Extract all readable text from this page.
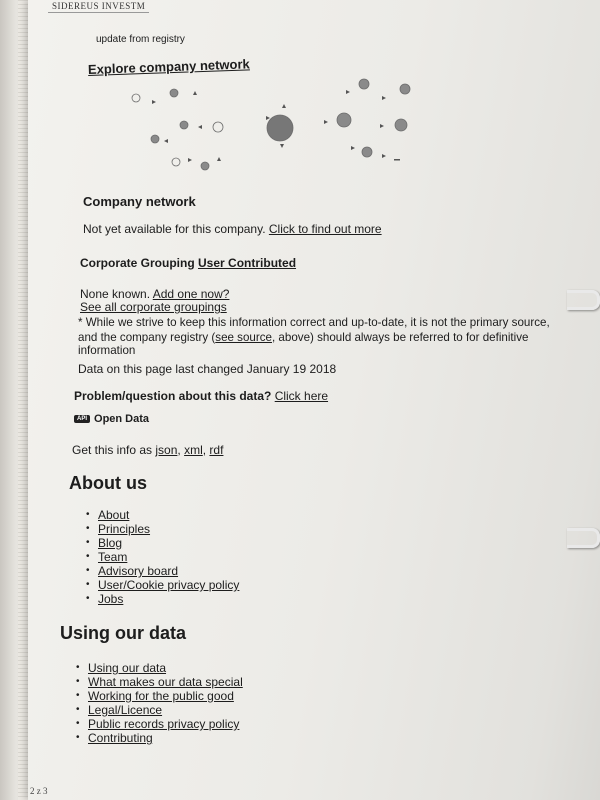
SIDEREUS INVESTM
update from registry
Explore company network
Company network
Not yet available for this company. Click to find out more
Corporate Grouping User Contributed
None known. Add one now?
See all corporate groupings
* While we strive to keep this information correct and up-to-date, it is not the primary source,
and the company registry (see source, above) should always be referred to for definitive
information
Data on this page last changed January 19 2018
Problem/question about this data? Click here
API Open Data
Get this info as json, xml, rdf
About us
• About
• Principles
• Blog
• Team
• Advisory board
• User/Cookie privacy policy
• Jobs
Using our data
• Using our data
• What makes our data special
• Working for the public good
• Legal/Licence
• Public records privacy policy
• Contributing
2 z 3
